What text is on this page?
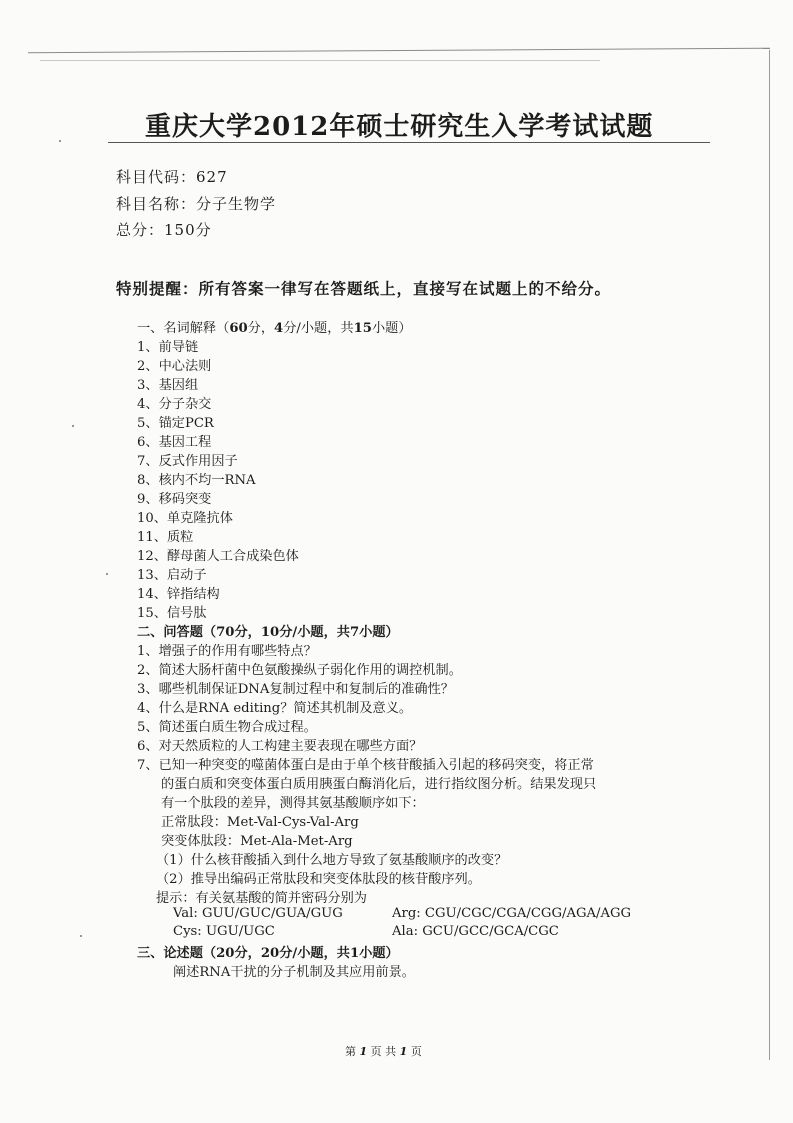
重庆大学2012年硕士研究生入学考试试题
科目代码：627
科目名称：分子生物学
总分：150分
特别提醒：所有答案一律写在答题纸上，直接写在试题上的不给分。
一、名词解释（60分，4分/小题，共15小题）
1、前导链
2、中心法则
3、基因组
4、分子杂交
5、锚定PCR
6、基因工程
7、反式作用因子
8、核内不均一RNA
9、移码突变
10、单克隆抗体
11、质粒
12、酵母菌人工合成染色体
13、启动子
14、锌指结构
15、信号肽
二、问答题（70分，10分/小题，共7小题）
1、增强子的作用有哪些特点？
2、简述大肠杆菌中色氨酸操纵子弱化作用的调控机制。
3、哪些机制保证DNA复制过程中和复制后的准确性？
4、什么是RNA editing？简述其机制及意义。
5、简述蛋白质生物合成过程。
6、对天然质粒的人工构建主要表现在哪些方面？
7、已知一种突变的噬菌体蛋白是由于单个核苷酸插入引起的移码突变，将正常
的蛋白质和突变体蛋白质用胰蛋白酶消化后，进行指纹图分析。结果发现只
有一个肽段的差异，测得其氨基酸顺序如下：
正常肽段：Met-Val-Cys-Val-Arg
突变体肽段：Met-Ala-Met-Arg
（1）什么核苷酸插入到什么地方导致了氨基酸顺序的改变？
（2）推导出编码正常肽段和突变体肽段的核苷酸序列。
提示：有关氨基酸的简并密码分别为
Val: GUU/GUC/GUA/GUG	Arg: CGU/CGC/CGA/CGG/AGA/AGG
Cys: UGU/UGC	Ala: GCU/GCC/GCA/CGC
三、论述题（20分，20分/小题，共1小题）
阐述RNA干扰的分子机制及其应用前景。
第 1 页 共 1 页
